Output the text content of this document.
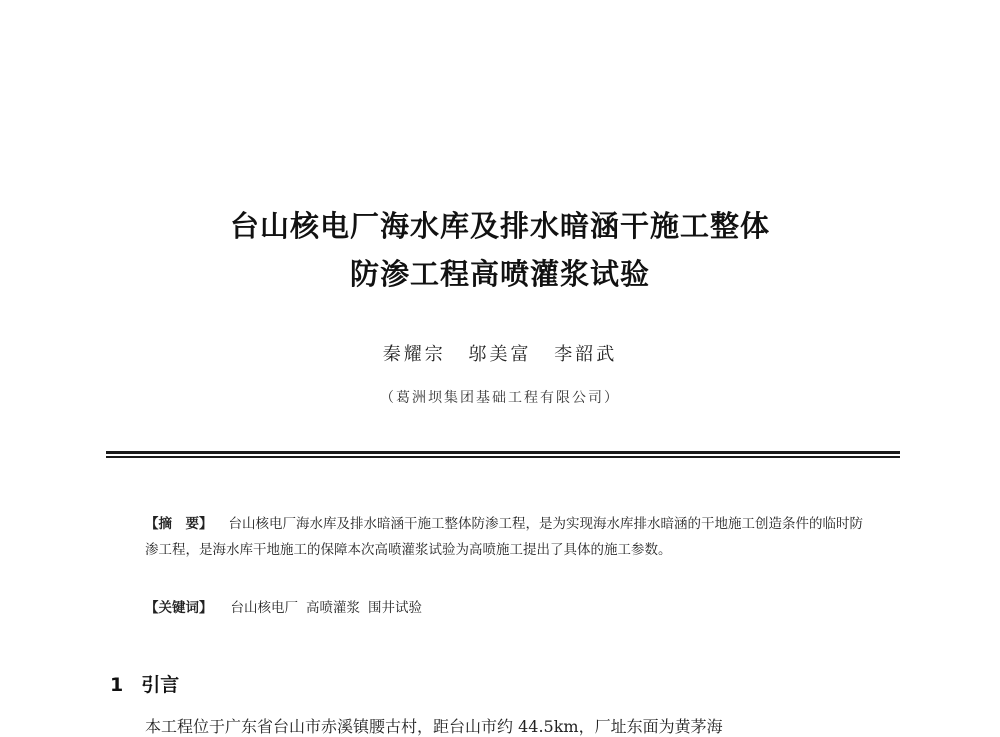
台山核电厂海水库及排水暗涵干施工整体
防渗工程高喷灌浆试验
秦耀宗 邬美富 李韶武
（葛洲坝集团基础工程有限公司）
【摘　要】 台山核电厂海水库及排水暗涵干施工整体防渗工程，是为实现海水库排水暗涵的干地施工创造条件的临时防渗工程，是海水库干地施工的保障本次高喷灌浆试验为高喷施工提出了具体的施工参数。
【关键词】 台山核电厂 高喷灌浆 围井试验
1 引言
本工程位于广东省台山市赤溪镇腰古村，距台山市约 44.5km，厂址东面为黄茅海
